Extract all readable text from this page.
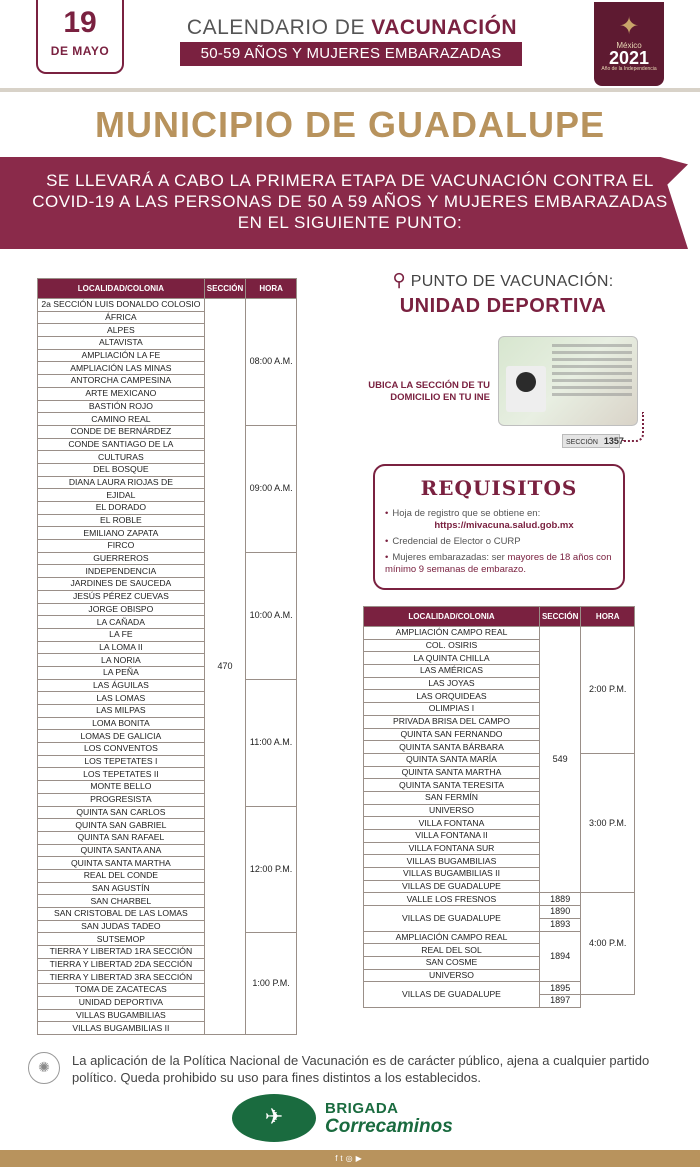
19
DE MAYO
CALENDARIO DE VACUNACIÓN
50-59 AÑOS Y MUJERES EMBARAZADAS
✦
México
2021
Año de la Independencia
MUNICIPIO DE GUADALUPE
SE LLEVARÁ A CABO LA PRIMERA ETAPA DE VACUNACIÓN CONTRA EL COVID-19 A LAS PERSONAS DE 50 A 59 AÑOS Y MUJERES EMBARAZADAS EN EL SIGUIENTE PUNTO:
LOCALIDAD/COLONIA	SECCIÓN	HORA
2a SECCIÓN LUIS DONALDO COLOSIO	470	08:00 A.M.
ÁFRICA		
ALPES		
ALTAVISTA		
AMPLIACIÓN LA FE		
AMPLIACIÓN LAS MINAS		
ANTORCHA CAMPESINA		
ARTE MEXICANO		
BASTIÓN ROJO		
CAMINO REAL		
CONDE DE BERNÁRDEZ		09:00 A.M.
CONDE SANTIAGO DE LA		
CULTURAS		
DEL BOSQUE		
DIANA LAURA RIOJAS DE		
EJIDAL		
EL DORADO		
EL ROBLE		
EMILIANO ZAPATA		
FIRCO		
GUERREROS		10:00 A.M.
INDEPENDENCIA		
JARDINES DE SAUCEDA		
JESÚS PÉREZ CUEVAS		
JORGE OBISPO		
LA CAÑADA		
LA FE		
LA LOMA II		
LA NORIA		
LA PEÑA		
LAS ÁGUILAS		11:00 A.M.
LAS LOMAS		
LAS MILPAS		
LOMA BONITA		
LOMAS DE GALICIA		
LOS CONVENTOS		
LOS TEPETATES I		
LOS TEPETATES II		
MONTE BELLO		
PROGRESISTA		
QUINTA SAN CARLOS		12:00 P.M.
QUINTA SAN GABRIEL		
QUINTA SAN RAFAEL		
QUINTA SANTA ANA		
QUINTA SANTA MARTHA		
REAL DEL CONDE		
SAN AGUSTÍN		
SAN CHARBEL		
SAN CRISTOBAL DE LAS LOMAS		
SAN JUDAS TADEO		
SUTSEMOP		1:00 P.M.
TIERRA Y LIBERTAD 1RA SECCIÓN		
TIERRA Y LIBERTAD 2DA SECCIÓN		
TIERRA Y LIBERTAD 3RA SECCIÓN		
TOMA DE ZACATECAS		
UNIDAD DEPORTIVA		
VILLAS BUGAMBILIAS		
VILLAS BUGAMBILIAS II		
⚲ PUNTO DE VACUNACIÓN:
UNIDAD DEPORTIVA
UBICA LA SECCIÓN DE TU DOMICILIO EN TU INE
SECCIÓN 1357
REQUISITOS
• Hoja de registro que se obtiene en:
https://mivacuna.salud.gob.mx
• Credencial de Elector o CURP
• Mujeres embarazadas: ser mayores de 18 años con mínimo 9 semanas de embarazo.
LOCALIDAD/COLONIA	SECCIÓN	HORA
AMPLIACIÓN CAMPO REAL	549	2:00 P.M.
COL. OSIRIS		
LA QUINTA CHILLA		
LAS AMÉRICAS		
LAS JOYAS		
LAS ORQUIDEAS		
OLIMPIAS I		
PRIVADA BRISA DEL CAMPO		
QUINTA SAN FERNANDO		
QUINTA SANTA BÁRBARA		
QUINTA SANTA MARÍA		3:00 P.M.
QUINTA SANTA MARTHA		
QUINTA SANTA TERESITA		
SAN FERMÍN		
UNIVERSO		
VILLA FONTANA		
VILLA FONTANA II		
VILLA FONTANA SUR		
VILLAS BUGAMBILIAS		
VILLAS BUGAMBILIAS II		
VILLAS DE GUADALUPE		
VALLE LOS FRESNOS	1889	4:00 P.M.

VILLAS DE GUADALUPE	1890	
	1893	
AMPLIACIÓN CAMPO REAL	1894	
REAL DEL SOL		
SAN COSME		
UNIVERSO		
VILLAS DE GUADALUPE	1895	
	1897	
✺	La aplicación de la Política Nacional de Vacunación es de carácter público, ajena a cualquier partido político. Queda prohibido su uso para fines distintos a los establecidos.
✈	BRIGADA
Correcaminos
ft◎▶
